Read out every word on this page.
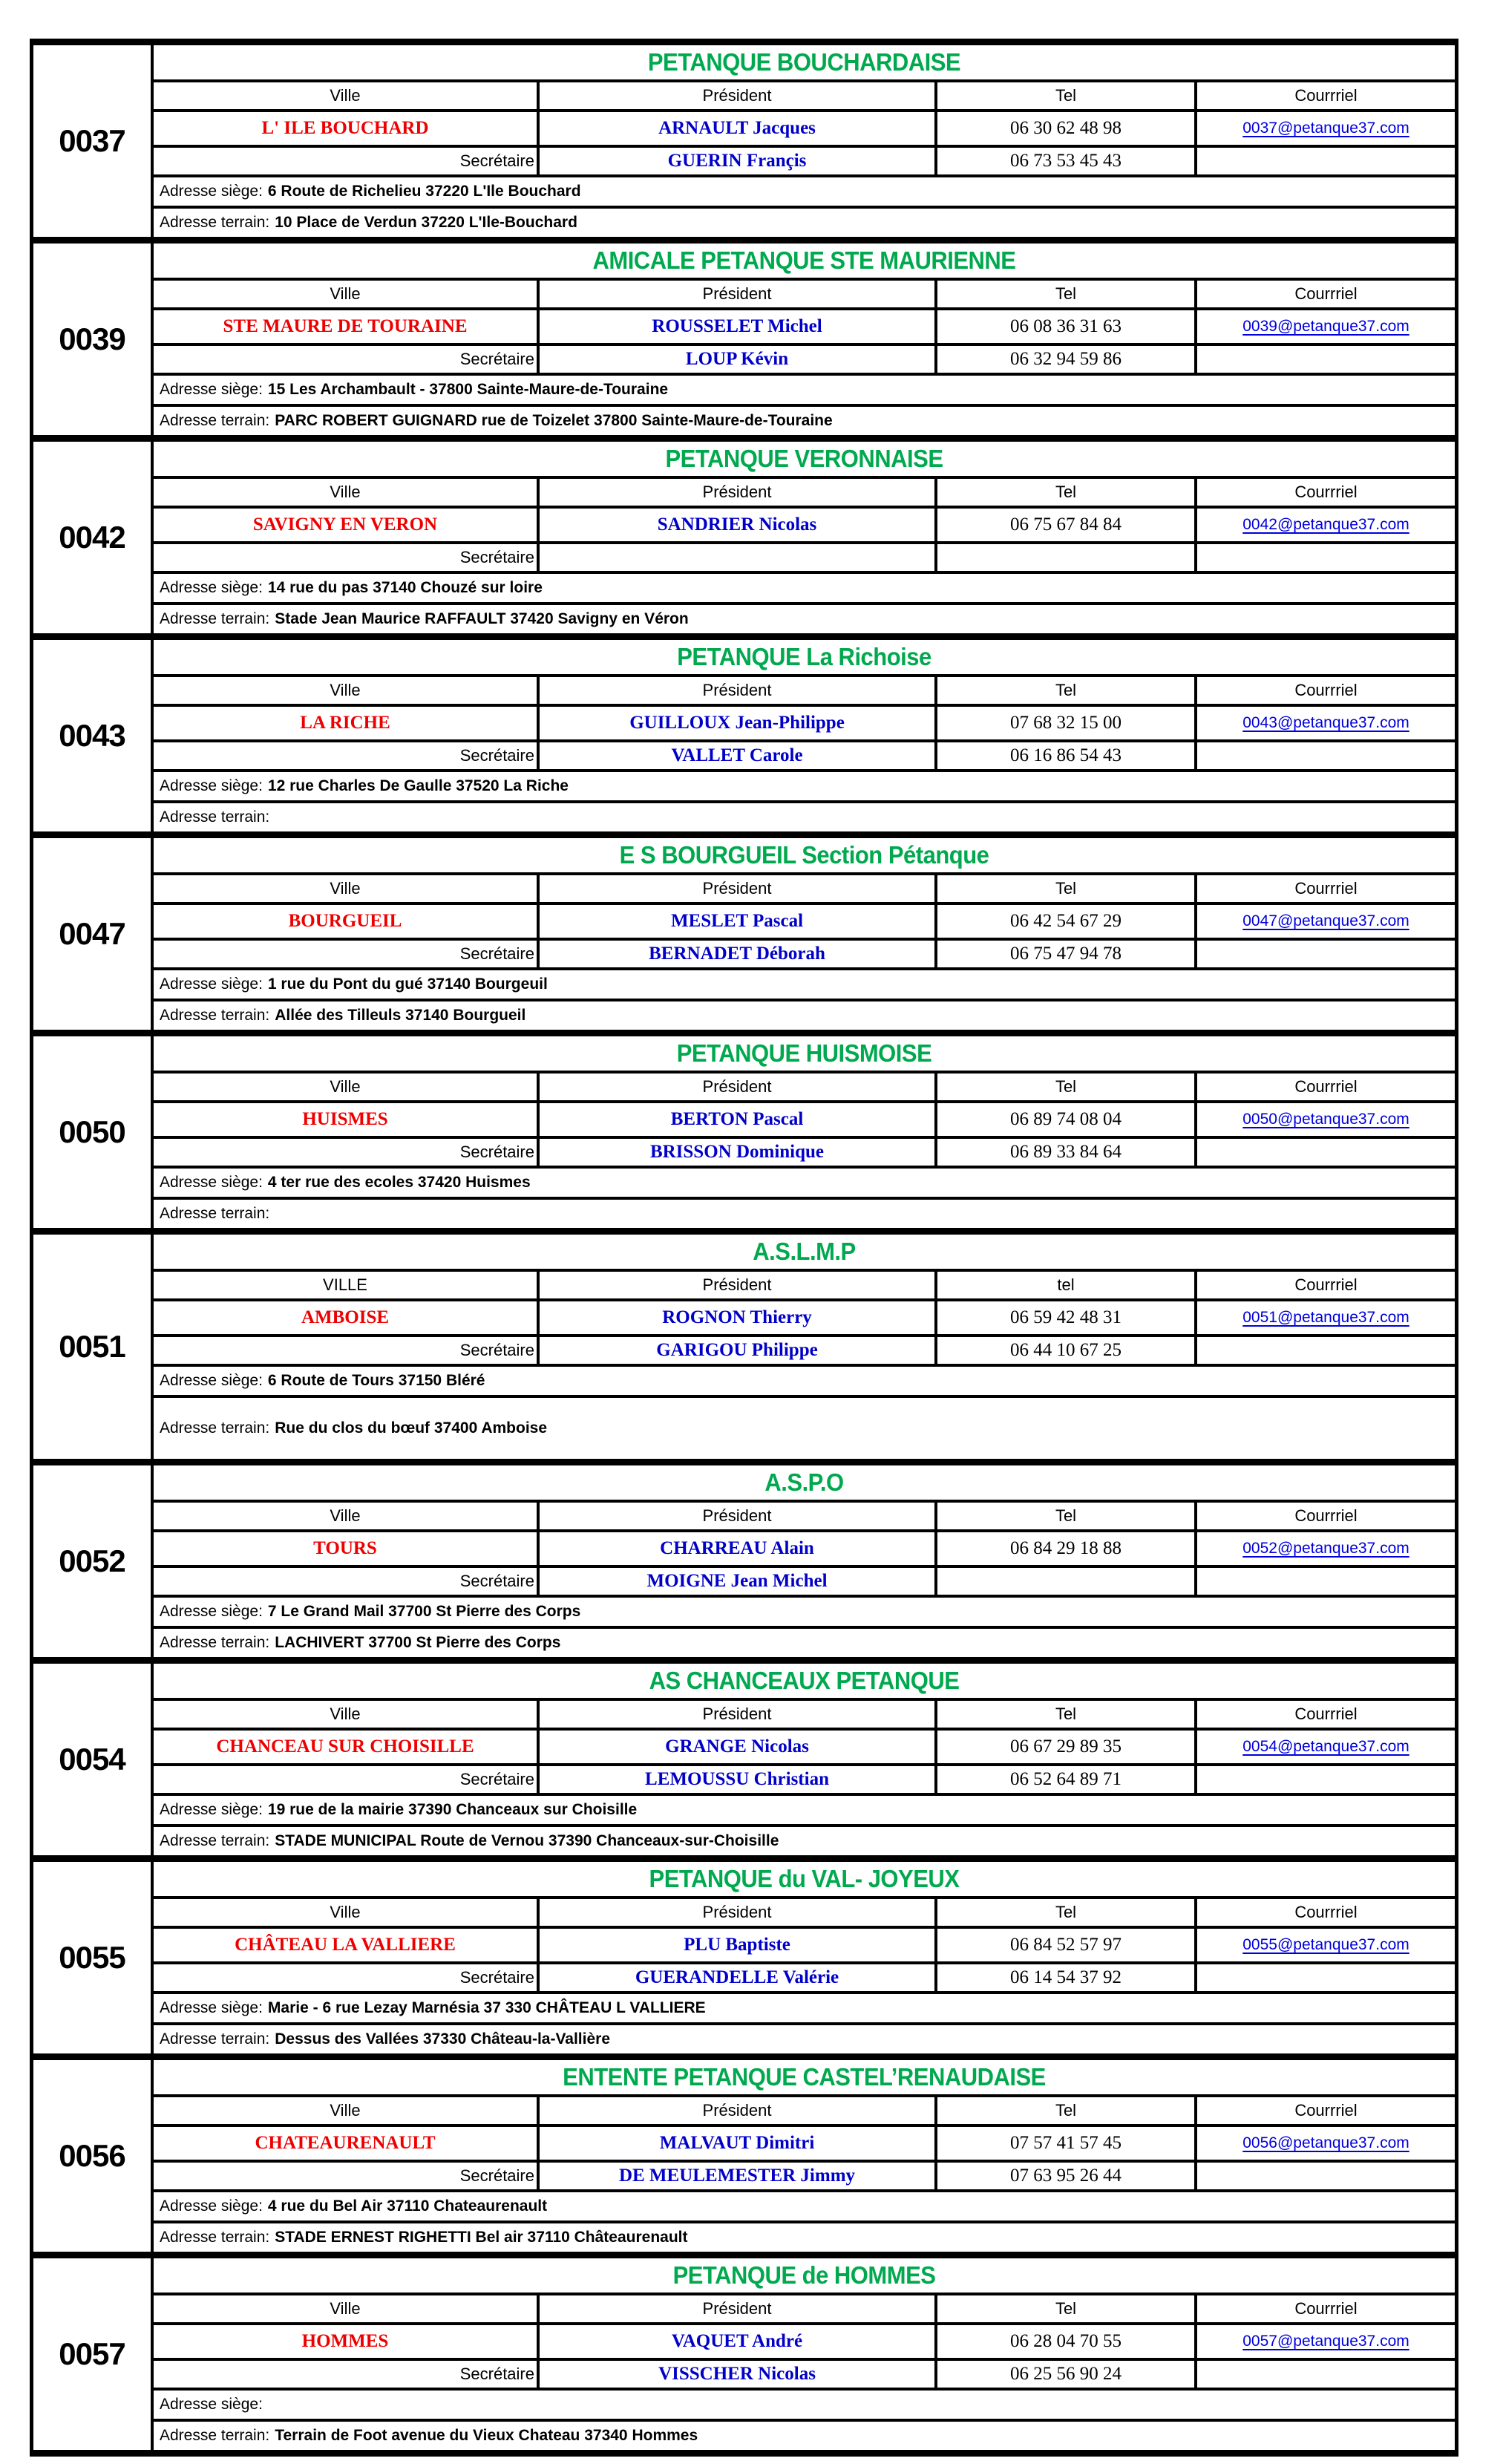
0037
PETANQUE BOUCHARDAISE
Ville	Président	Tel	Courrriel
L' ILE BOUCHARD	ARNAULT Jacques	06 30 62 48 98	0037@petanque37.com
Secrétaire	GUERIN Françis	06 73 53 45 43
Adresse siège: 6 Route de Richelieu 37220 L'Ile Bouchard
Adresse terrain: 10 Place de Verdun 37220 L'Ile-Bouchard
0039
AMICALE PETANQUE STE MAURIENNE
Ville	Président	Tel	Courrriel
STE MAURE DE TOURAINE	ROUSSELET Michel	06 08 36 31 63	0039@petanque37.com
Secrétaire	LOUP Kévin	06 32 94 59 86
Adresse siège: 15 Les Archambault - 37800 Sainte-Maure-de-Touraine
Adresse terrain: PARC ROBERT GUIGNARD rue de Toizelet 37800 Sainte-Maure-de-Touraine
0042
PETANQUE VERONNAISE
Ville	Président	Tel	Courrriel
SAVIGNY EN VERON	SANDRIER Nicolas	06 75 67 84 84	0042@petanque37.com
Secrétaire
Adresse siège: 14 rue du pas 37140 Chouzé sur loire
Adresse terrain: Stade Jean Maurice RAFFAULT 37420 Savigny en Véron
0043
PETANQUE La Richoise
Ville	Président	Tel	Courrriel
LA RICHE	GUILLOUX Jean-Philippe	07 68 32 15 00	0043@petanque37.com
Secrétaire	VALLET Carole	06 16 86 54 43
Adresse siège: 12 rue Charles De Gaulle 37520 La Riche
Adresse terrain:
0047
E S BOURGUEIL Section Pétanque
Ville	Président	Tel	Courrriel
BOURGUEIL	MESLET Pascal	06 42 54 67 29	0047@petanque37.com
Secrétaire	BERNADET Déborah	06 75 47 94 78
Adresse siège: 1 rue du Pont du gué 37140 Bourgeuil
Adresse terrain: Allée des Tilleuls 37140 Bourgueil
0050
PETANQUE HUISMOISE
Ville	Président	Tel	Courrriel
HUISMES	BERTON Pascal	06 89 74 08 04	0050@petanque37.com
Secrétaire	BRISSON Dominique	06 89 33 84 64
Adresse siège: 4 ter rue des ecoles 37420 Huismes
Adresse terrain:
0051
A.S.L.M.P
VILLE	Président	tel	Courrriel
AMBOISE	ROGNON Thierry	06 59 42 48 31	0051@petanque37.com
Secrétaire	GARIGOU Philippe	06 44 10 67 25
Adresse siège: 6 Route de Tours 37150 Bléré
Adresse terrain: Rue du clos du bœuf 37400 Amboise
0052
A.S.P.O
Ville	Président	Tel	Courrriel
TOURS	CHARREAU Alain	06 84 29 18 88	0052@petanque37.com
Secrétaire	MOIGNE Jean Michel
Adresse siège: 7 Le Grand Mail 37700 St Pierre des Corps
Adresse terrain: LACHIVERT 37700 St Pierre des Corps
0054
AS CHANCEAUX PETANQUE
Ville	Président	Tel	Courrriel
CHANCEAU SUR CHOISILLE	GRANGE Nicolas	06 67 29 89 35	0054@petanque37.com
Secrétaire	LEMOUSSU Christian	06 52 64 89 71
Adresse siège: 19 rue de la mairie 37390 Chanceaux sur Choisille
Adresse terrain: STADE MUNICIPAL Route de Vernou 37390 Chanceaux-sur-Choisille
0055
PETANQUE du VAL- JOYEUX
Ville	Président	Tel	Courrriel
CHÂTEAU LA VALLIERE	PLU Baptiste	06 84 52 57 97	0055@petanque37.com
Secrétaire	GUERANDELLE Valérie	06 14 54 37 92
Adresse siège: Marie - 6 rue Lezay Marnésia 37 330 CHÂTEAU L VALLIERE
Adresse terrain: Dessus des Vallées 37330 Château-la-Vallière
0056
ENTENTE PETANQUE CASTEL’RENAUDAISE
Ville	Président	Tel	Courrriel
CHATEAURENAULT	MALVAUT Dimitri	07 57 41 57 45	0056@petanque37.com
Secrétaire	DE MEULEMESTER Jimmy	07 63 95 26 44
Adresse siège: 4 rue du Bel Air 37110 Chateaurenault
Adresse terrain: STADE ERNEST RIGHETTI Bel air 37110 Châteaurenault
0057
PETANQUE de HOMMES
Ville	Président	Tel	Courrriel
HOMMES	VAQUET André	06 28 04 70 55	0057@petanque37.com
Secrétaire	VISSCHER Nicolas	06 25 56 90 24
Adresse siège:
Adresse terrain: Terrain de Foot avenue du Vieux Chateau 37340 Hommes
